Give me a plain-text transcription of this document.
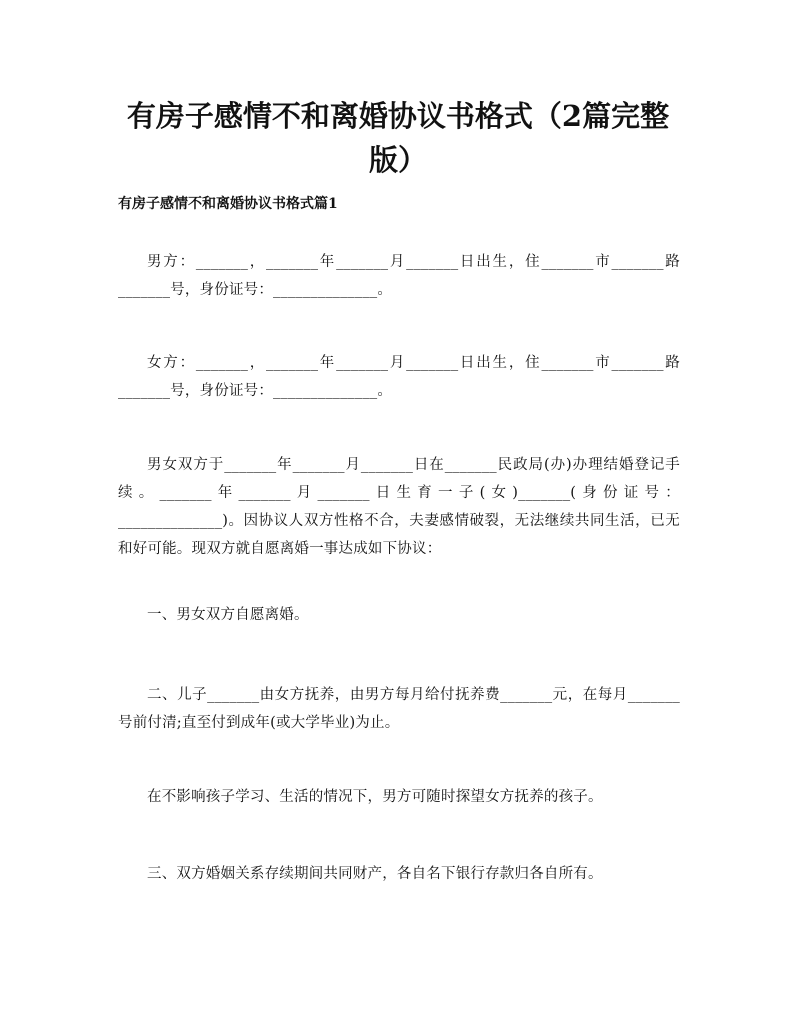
有房子感情不和离婚协议书格式（2篇完整版）
有房子感情不和离婚协议书格式篇1

男方：_______，_______年_______月_______日出生，住_______市_______路_______号，身份证号：______________。

女方：_______，_______年_______月_______日出生，住_______市_______路_______号，身份证号：______________。

男女双方于_______年_______月_______日在_______民政局(办)办理结婚登记手续。_______年_______月_______日生育一子(女)_______(身份证号：______________)。因协议人双方性格不合，夫妻感情破裂，无法继续共同生活，已无和好可能。现双方就自愿离婚一事达成如下协议：

一、男女双方自愿离婚。

二、儿子_______由女方抚养，由男方每月给付抚养费_______元，在每月_______号前付清;直至付到成年(或大学毕业)为止。

在不影响孩子学习、生活的情况下，男方可随时探望女方抚养的孩子。

三、双方婚姻关系存续期间共同财产，各自名下银行存款归各自所有。
